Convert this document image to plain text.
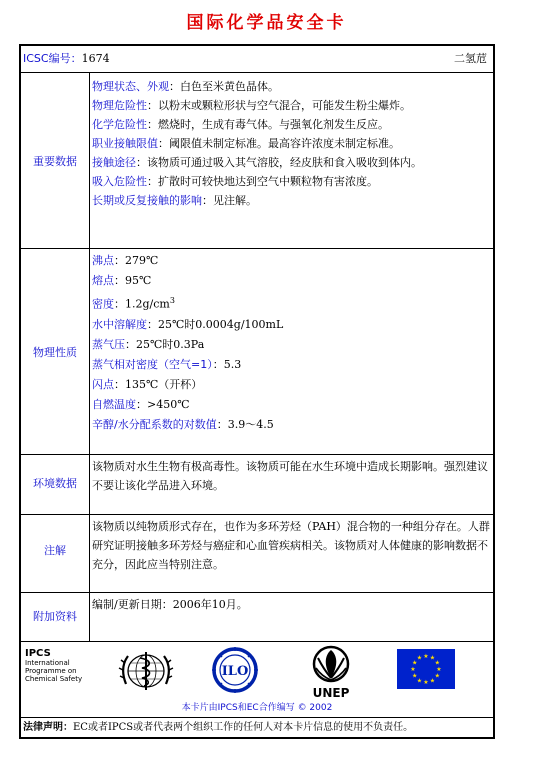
国际化学品安全卡
ICSC编号：1674	二氢苊
重要数据
物理状态、外观：白色至米黄色晶体。
物理危险性：以粉末或颗粒形状与空气混合，可能发生粉尘爆炸。
化学危险性：燃烧时，生成有毒气体。与强氧化剂发生反应。
职业接触限值：阈限值未制定标准。最高容许浓度未制定标准。
接触途径：该物质可通过吸入其气溶胶，经皮肤和食入吸收到体内。
吸入危险性：扩散时可较快地达到空气中颗粒物有害浓度。
长期或反复接触的影响：见注解。
物理性质
沸点：279℃
熔点：95℃
密度：$1.2g/cm^3$
水中溶解度：25℃时0.0004g/100mL
蒸气压：25℃时0.3Pa
蒸气相对密度（空气=1）：5.3
闪点：135℃（开杯）
自燃温度：>450℃
辛醇/水分配系数的对数值：3.9～4.5
环境数据
该物质对水生生物有极高毒性。该物质可能在水生环境中造成长期影响。强烈建议不要让该化学品进入环境。
注解
该物质以纯物质形式存在，也作为多环芳烃（PAH）混合物的一种组分存在。人群研究证明接触多环芳烃与癌症和心血管疾病相关。该物质对人体健康的影响数据不充分，因此应当特别注意。
附加资料
编制/更新日期：2006年10月。
IPCS
International
Programme on
Chemical Safety	ILO
UNEP
★ ★
★
★
★
★
★
★
★
★
★
★
本卡片由IPCS和EC合作编写 © 2002
法律声明：EC或者IPCS或者代表两个组织工作的任何人对本卡片信息的使用不负责任。
